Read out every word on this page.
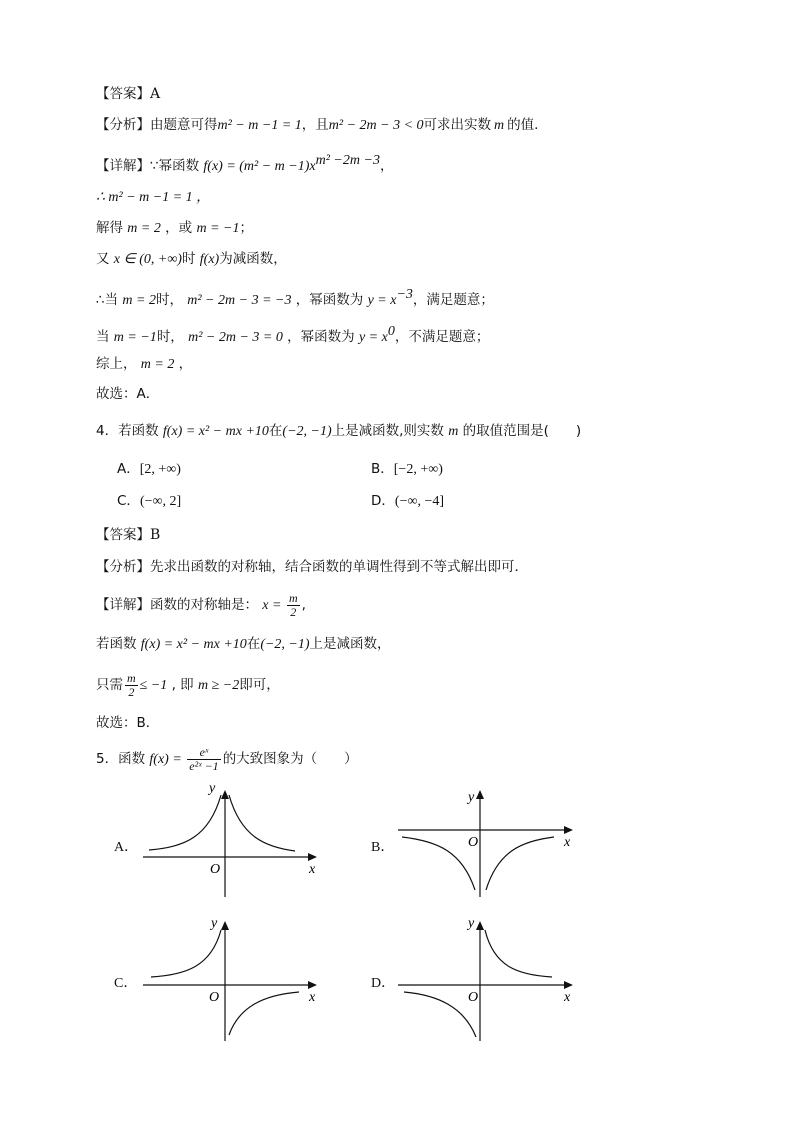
【答案】A
【分析】由题意可得m² − m −1 = 1，且m² − 2m − 3 < 0可求出实数 m 的值.
【详解】∵幂函数 $f(x) = (m^2 - m -1)x^{m^2 -2m -3}$，
∴ m² − m −1 = 1 ，
解得 m = 2 ，或 m = −1；
又 x ∈ (0, +∞)时 f(x)为减函数，
∴当 m = 2时， m² − 2m − 3 = −3 ，幂函数为 $y = x^{-3}$，满足题意；
当 m = −1时， m² − 2m − 3 = 0 ，幂函数为 $y = x^0$，不满足题意；
综上， m = 2 ，
故选：A．
4．若函数 f(x) = x² − mx +10在(−2, −1)上是减函数,则实数 m 的取值范围是(　　)
A．[2, +∞)	B．[−2, +∞)
C．(−∞, 2]	D．(−∞, −4]
【答案】B
【分析】先求出函数的对称轴，结合函数的单调性得到不等式解出即可．
【详解】函数的对称轴是： $x = \frac{m}{2}$ ,
若函数 f(x) = x² − mx +10在(−2, −1)上是减函数，
只需 $\frac{m}{2} \le -1$ , 即 m ≥ −2即可，
故选：B．
5．函数 $f(x) = \frac{\text{eˣ}}{\text{e²ˣ −1}}$ 的大致图象为（　　）
A．
y
x
O
B．
y
x
O
C．
y
x
O
D．
y
x
O
